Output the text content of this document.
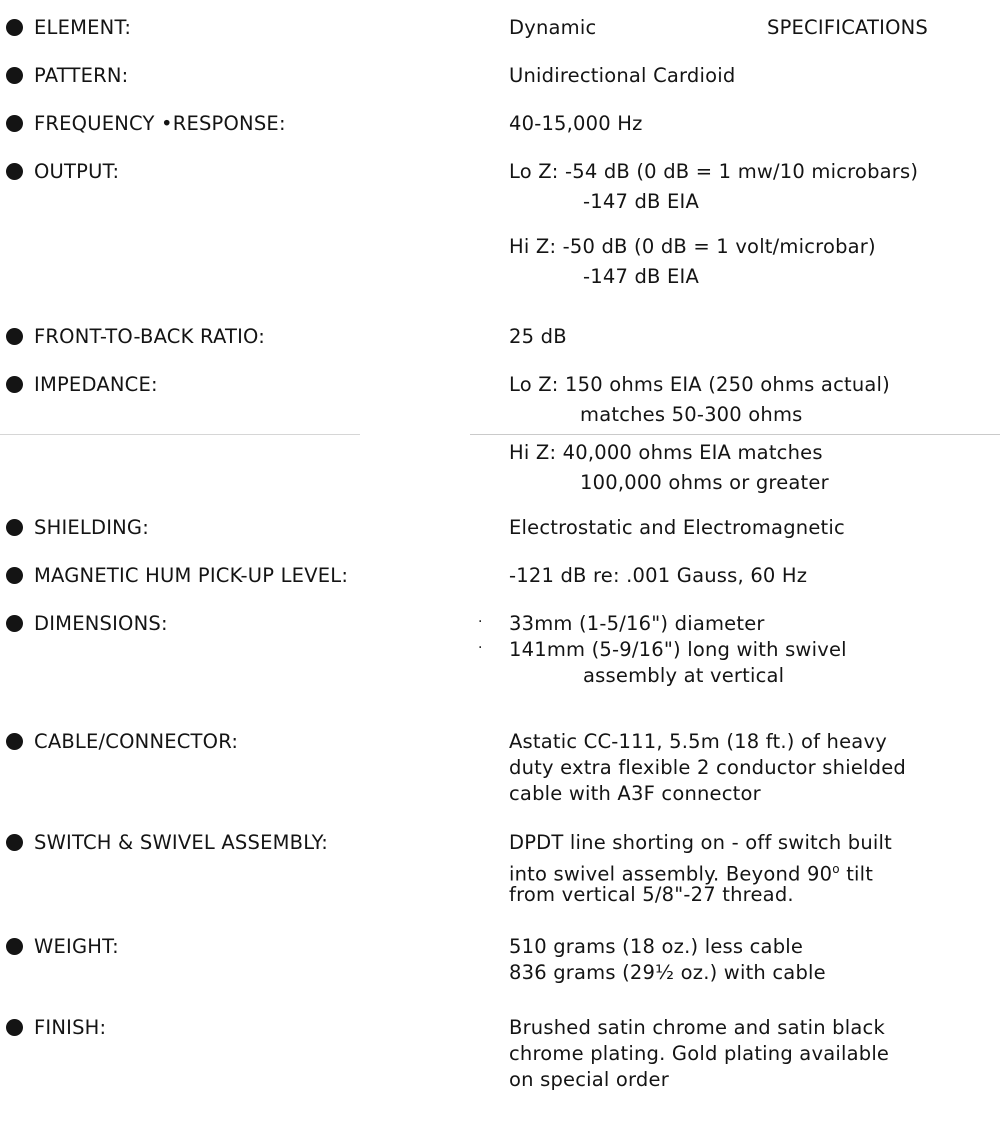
ELEMENT:	Dynamic	SPECIFICATIONS
PATTERN:	Unidirectional Cardioid
FREQUENCY •RESPONSE:	40-15,000 Hz
OUTPUT:	Lo Z: -54 dB (0 dB = 1 mw/10 microbars)
-147 dB EIA
Hi Z: -50 dB (0 dB = 1 volt/microbar)
-147 dB EIA
FRONT-TO-BACK RATIO:	25 dB
IMPEDANCE:	Lo Z: 150 ohms EIA (250 ohms actual)
matches 50-300 ohms
Hi Z: 40,000 ohms EIA matches
100,000 ohms or greater
SHIELDING:	Electrostatic and Electromagnetic
MAGNETIC HUM PICK-UP LEVEL:	-121 dB re: .001 Gauss, 60 Hz
DIMENSIONS:	·
·
33mm (1-5/16") diameter
141mm (5-9/16") long with swivel
assembly at vertical
CABLE/CONNECTOR:	Astatic CC-111, 5.5m (18 ft.) of heavy
duty extra flexible 2 conductor shielded
cable with A3F connector
SWITCH & SWIVEL ASSEMBLY:	DPDT line shorting on - off switch built
into swivel assembly. Beyond 90$^o$ tilt
from vertical 5/8"-27 thread.
WEIGHT:	510 grams (18 oz.) less cable
836 grams (29½ oz.) with cable
FINISH:	Brushed satin chrome and satin black
chrome plating. Gold plating available
on special order
